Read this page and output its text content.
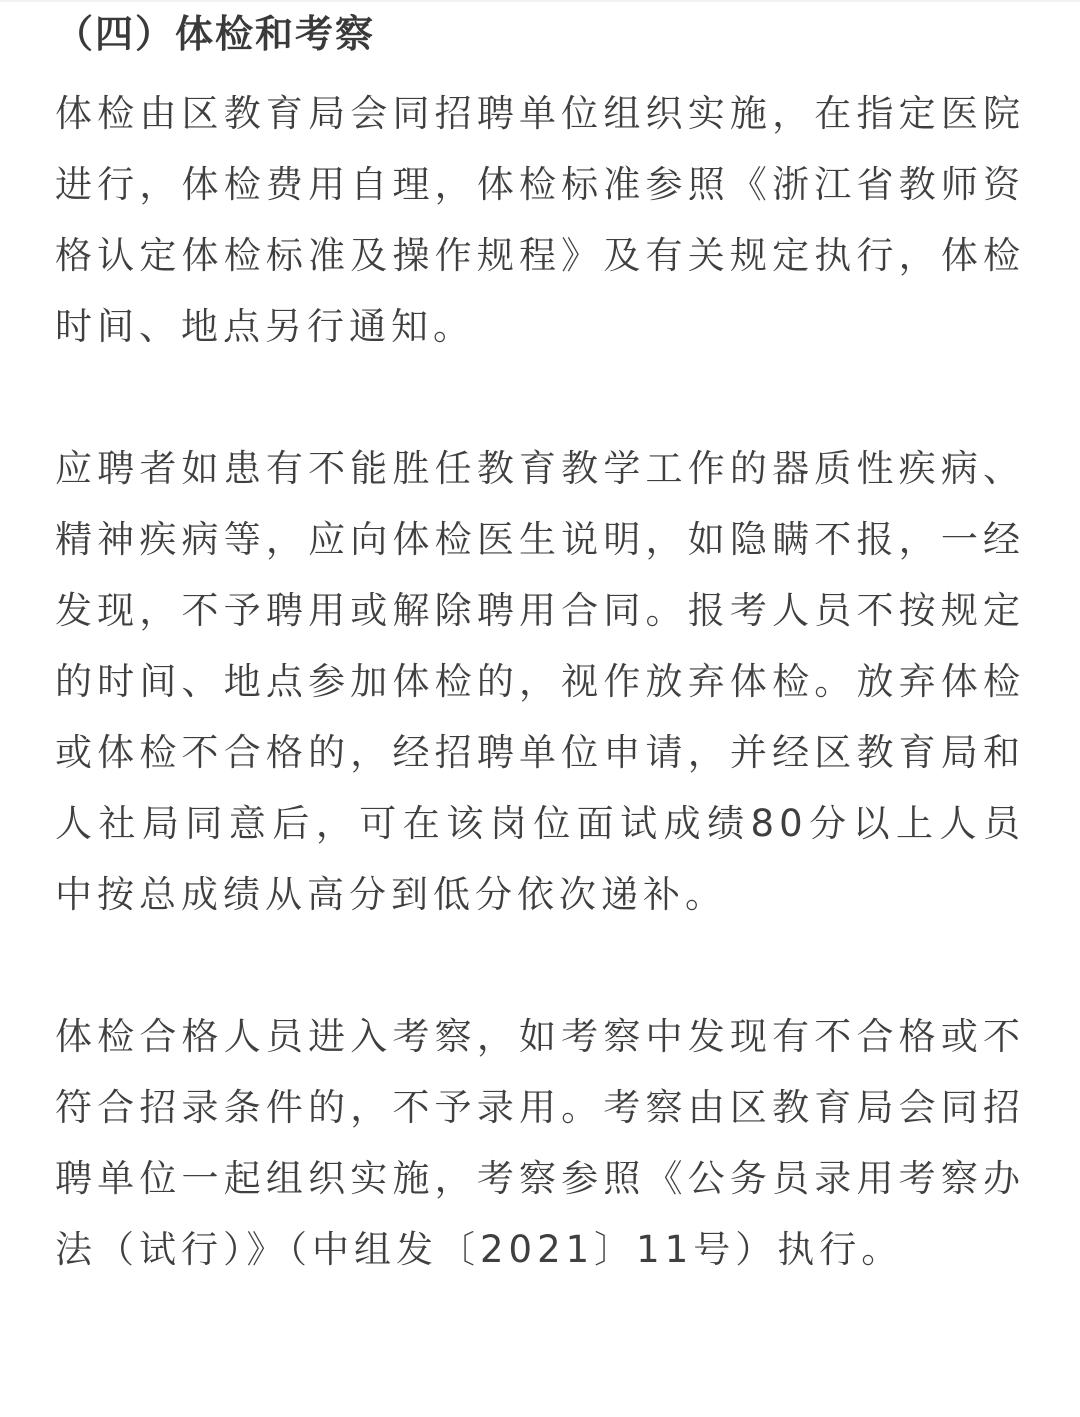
（四）体检和考察

体检由区教育局会同招聘单位组织实施，在指定医院进行，体检费用自理，体检标准参照《浙江省教师资格认定体检标准及操作规程》及有关规定执行，体检时间、地点另行通知。

应聘者如患有不能胜任教育教学工作的器质性疾病、精神疾病等，应向体检医生说明，如隐瞒不报，一经发现，不予聘用或解除聘用合同。报考人员不按规定的时间、地点参加体检的，视作放弃体检。放弃体检或体检不合格的，经招聘单位申请，并经区教育局和人社局同意后，可在该岗位面试成绩80分以上人员中按总成绩从高分到低分依次递补。

体检合格人员进入考察，如考察中发现有不合格或不符合招录条件的，不予录用。考察由区教育局会同招聘单位一起组织实施，考察参照《公务员录用考察办法（试行）》（中组发〔2021〕11号）执行。
